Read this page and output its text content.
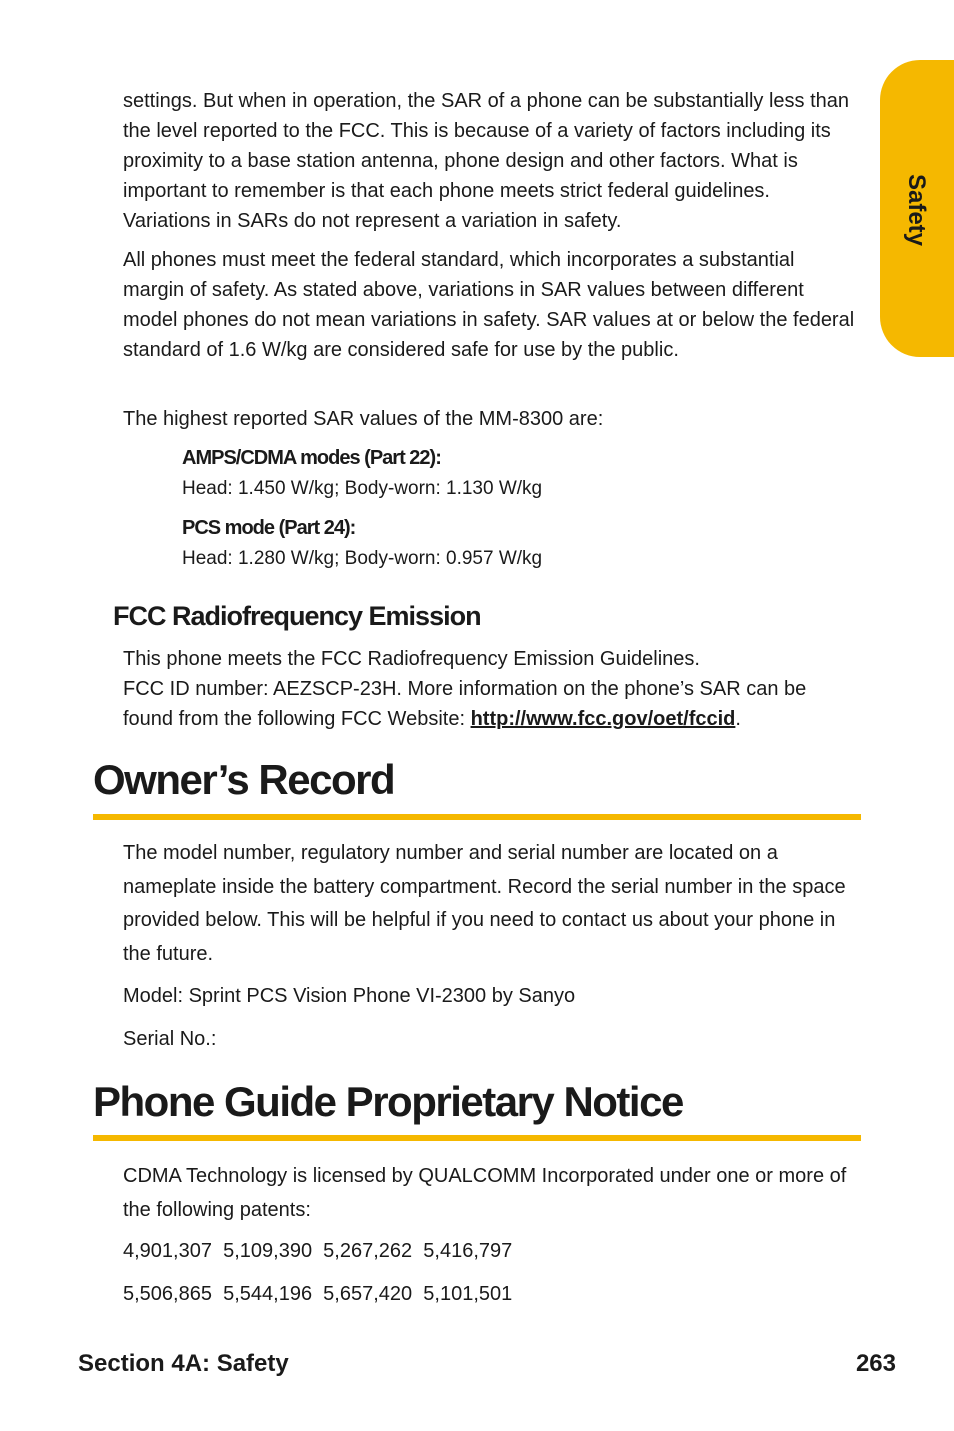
Safety

settings. But when in operation, the SAR of a phone can be substantially less than the level reported to the FCC. This is because of a variety of factors including its proximity to a base station antenna, phone design and other factors. What is important to remember is that each phone meets strict federal guidelines. Variations in SARs do not represent a variation in safety.

All phones must meet the federal standard, which incorporates a substantial margin of safety. As stated above, variations in SAR values between different model phones do not mean variations in safety. SAR values at or below the federal standard of 1.6 W/kg are considered safe for use by the public.

The highest reported SAR values of the MM-8300 are:

AMPS/CDMA modes (Part 22):

Head: 1.450 W/kg; Body-worn: 1.130 W/kg

PCS mode (Part 24):

Head: 1.280 W/kg; Body-worn: 0.957 W/kg

FCC Radiofrequency Emission

This phone meets the FCC Radiofrequency Emission Guidelines.
FCC ID number: AEZSCP-23H. More information on the phone’s SAR can be found from the following FCC Website: http://www.fcc.gov/oet/fccid.

Owner’s Record

The model number, regulatory number and serial number are located on a nameplate inside the battery compartment. Record the serial number in the space provided below. This will be helpful if you need to contact us about your phone in the future.

Model: Sprint PCS Vision Phone VI-2300 by Sanyo

Serial No.:

Phone Guide Proprietary Notice

CDMA Technology is licensed by QUALCOMM Incorporated under one or more of the following patents:

4,901,307  5,109,390  5,267,262  5,416,797

5,506,865  5,544,196  5,657,420  5,101,501

Section 4A: Safety	263
